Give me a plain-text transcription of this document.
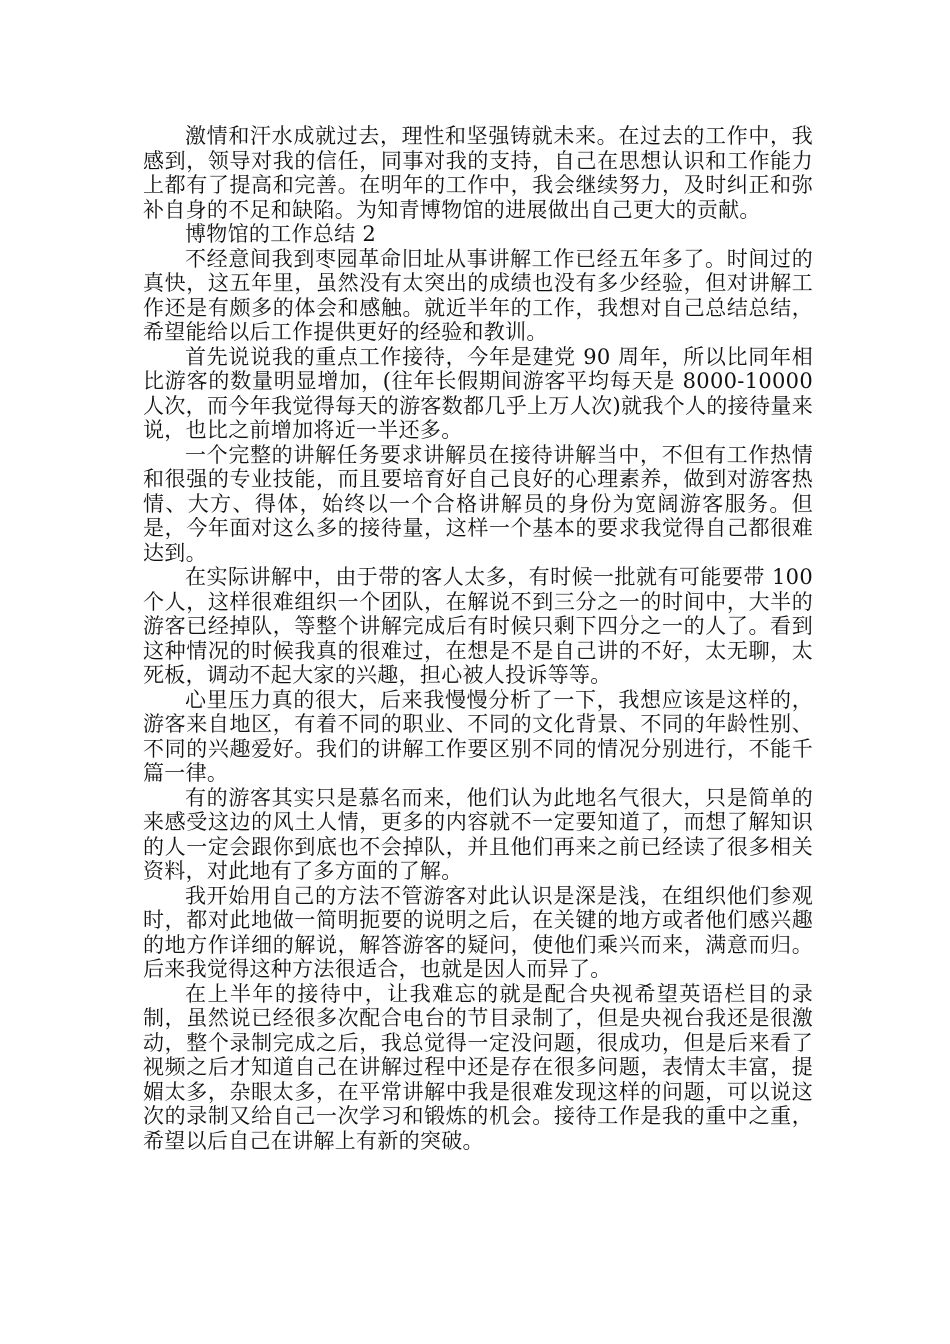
激情和汗水成就过去，理性和坚强铸就未来。在过去的工作中，我感到，领导对我的信任，同事对我的支持，自己在思想认识和工作能力上都有了提高和完善。在明年的工作中，我会继续努力，及时纠正和弥补自身的不足和缺陷。为知青博物馆的进展做出自己更大的贡献。

博物馆的工作总结 2

不经意间我到枣园革命旧址从事讲解工作已经五年多了。时间过的真快，这五年里，虽然没有太突出的成绩也没有多少经验，但对讲解工作还是有颇多的体会和感触。就近半年的工作，我想对自己总结总结，希望能给以后工作提供更好的经验和教训。

首先说说我的重点工作接待，今年是建党 90 周年，所以比同年相比游客的数量明显增加，(往年长假期间游客平均每天是 8000-10000 人次，而今年我觉得每天的游客数都几乎上万人次)就我个人的接待量来说，也比之前增加将近一半还多。

一个完整的讲解任务要求讲解员在接待讲解当中，不但有工作热情和很强的专业技能，而且要培育好自己良好的心理素养，做到对游客热情、大方、得体，始终以一个合格讲解员的身份为宽阔游客服务。但是，今年面对这么多的接待量，这样一个基本的要求我觉得自己都很难达到。

在实际讲解中，由于带的客人太多，有时候一批就有可能要带 100 个人，这样很难组织一个团队，在解说不到三分之一的时间中，大半的游客已经掉队，等整个讲解完成后有时候只剩下四分之一的人了。看到这种情况的时候我真的很难过，在想是不是自己讲的不好，太无聊，太死板，调动不起大家的兴趣，担心被人投诉等等。

心里压力真的很大，后来我慢慢分析了一下，我想应该是这样的，游客来自地区，有着不同的职业、不同的文化背景、不同的年龄性别、不同的兴趣爱好。我们的讲解工作要区别不同的情况分别进行，不能千篇一律。

有的游客其实只是慕名而来，他们认为此地名气很大，只是简单的来感受这边的风土人情，更多的内容就不一定要知道了，而想了解知识的人一定会跟你到底也不会掉队，并且他们再来之前已经读了很多相关资料，对此地有了多方面的了解。

我开始用自己的方法不管游客对此认识是深是浅，在组织他们参观时，都对此地做一简明扼要的说明之后，在关键的地方或者他们感兴趣的地方作详细的解说，解答游客的疑问，使他们乘兴而来，满意而归。后来我觉得这种方法很适合，也就是因人而异了。

在上半年的接待中，让我难忘的就是配合央视希望英语栏目的录制，虽然说已经很多次配合电台的节目录制了，但是央视台我还是很激动，整个录制完成之后，我总觉得一定没问题，很成功，但是后来看了视频之后才知道自己在讲解过程中还是存在很多问题，表情太丰富，提媚太多，杂眼太多，在平常讲解中我是很难发现这样的问题，可以说这次的录制又给自己一次学习和锻炼的机会。接待工作是我的重中之重，希望以后自己在讲解上有新的突破。
